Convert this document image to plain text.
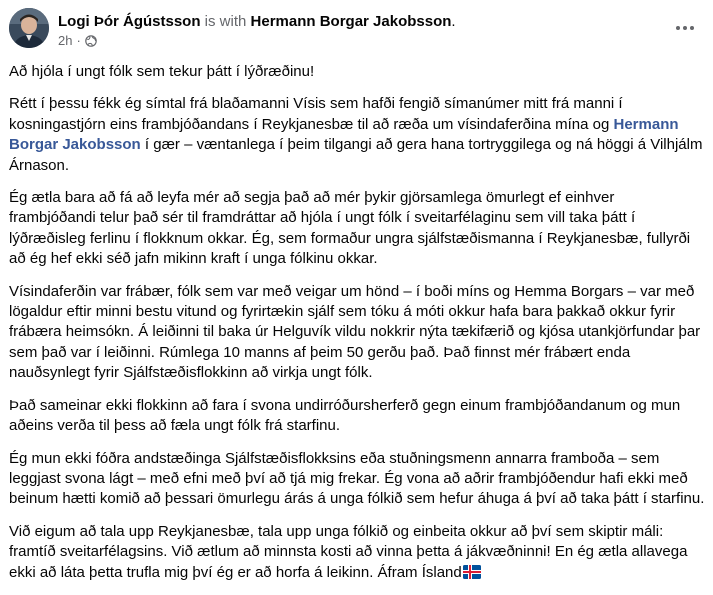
Logi Þór Ágústsson is with Hermann Borgar Jakobsson.
2h ·

Að hjóla í ungt fólk sem tekur þátt í lýðræðinu!

Rétt í þessu fékk ég símtal frá blaðamanni Vísis sem hafði fengið símanúmer mitt frá manni í kosningastjórn eins frambjóðandans í Reykjanesbæ til að ræða um vísindaferðina mína og Hermann Borgar Jakobsson í gær – væntanlega í þeim tilgangi að gera hana tortryggilega og ná höggi á Vilhjálm Árnason.

Ég ætla bara að fá að leyfa mér að segja það að mér þykir gjörsamlega ömurlegt ef einhver frambjóðandi telur það sér til framdráttar að hjóla í ungt fólk í sveitarfélaginu sem vill taka þátt í lýðræðisleg ferlinu í flokknum okkar. Ég, sem formaður ungra sjálfstæðismanna í Reykjanesbæ, fullyrði að ég hef ekki séð jafn mikinn kraft í unga fólkinu okkar.

Vísindaferðin var frábær, fólk sem var með veigar um hönd – í boði míns og Hemma Borgars – var með lögaldur eftir minni bestu vitund og fyrirtækin sjálf sem tóku á móti okkur hafa bara þakkað okkur fyrir frábæra heimsókn. Á leiðinni til baka úr Helguvík vildu nokkrir nýta tækifærið og kjósa utankjörfundar þar sem það var í leiðinni. Rúmlega 10 manns af þeim 50 gerðu það. Það finnst mér frábært enda nauðsynlegt fyrir Sjálfstæðisflokkinn að virkja ungt fólk.

Það sameinar ekki flokkinn að fara í svona undirróðursherferð gegn einum frambjóðandanum og mun aðeins verða til þess að fæla ungt fólk frá starfinu.

Ég mun ekki fóðra andstæðinga Sjálfstæðisflokksins eða stuðningsmenn annarra framboða – sem leggjast svona lágt – með efni með því að tjá mig frekar. Ég vona að aðrir frambjóðendur hafi ekki með beinum hætti komið að þessari ömurlegu árás á unga fólkið sem hefur áhuga á því að taka þátt í starfinu.

Við eigum að tala upp Reykjanesbæ, tala upp unga fólkið og einbeita okkur að því sem skiptir máli: framtíð sveitarfélagsins. Við ætlum að minnsta kosti að vinna þetta á jákvæðninni! En ég ætla allavega ekki að láta þetta trufla mig því ég er að horfa á leikinn. Áfram Ísland
